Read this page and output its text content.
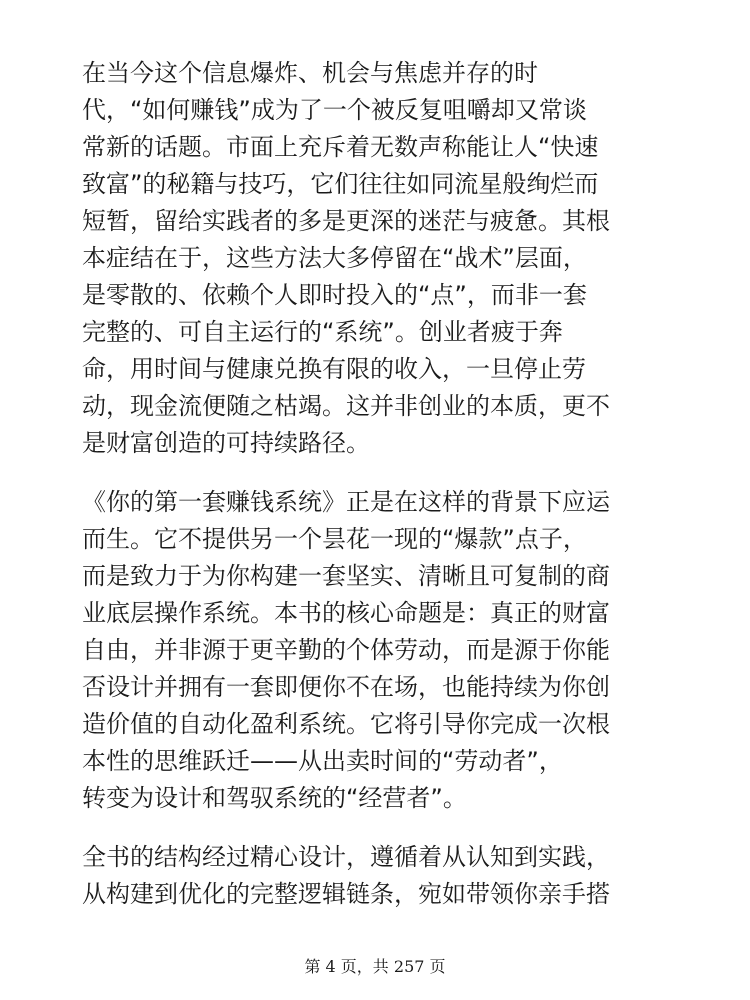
在当今这个信息爆炸、机会与焦虑并存的时
代，“如何赚钱”成为了一个被反复咀嚼却又常谈
常新的话题。市面上充斥着无数声称能让人“快速
致富”的秘籍与技巧，它们往往如同流星般绚烂而
短暂，留给实践者的多是更深的迷茫与疲惫。其根
本症结在于，这些方法大多停留在“战术”层面，
是零散的、依赖个人即时投入的“点”，而非一套
完整的、可自主运行的“系统”。创业者疲于奔
命，用时间与健康兑换有限的收入，一旦停止劳
动，现金流便随之枯竭。这并非创业的本质，更不
是财富创造的可持续路径。

《你的第一套赚钱系统》正是在这样的背景下应运
而生。它不提供另一个昙花一现的“爆款”点子，
而是致力于为你构建一套坚实、清晰且可复制的商
业底层操作系统。本书的核心命题是：真正的财富
自由，并非源于更辛勤的个体劳动，而是源于你能
否设计并拥有一套即便你不在场，也能持续为你创
造价值的自动化盈利系统。它将引导你完成一次根
本性的思维跃迁——从出卖时间的“劳动者”，
转变为设计和驾驭系统的“经营者”。

全书的结构经过精心设计，遵循着从认知到实践，
从构建到优化的完整逻辑链条，宛如带领你亲手搭

第 4 页，共 257 页
